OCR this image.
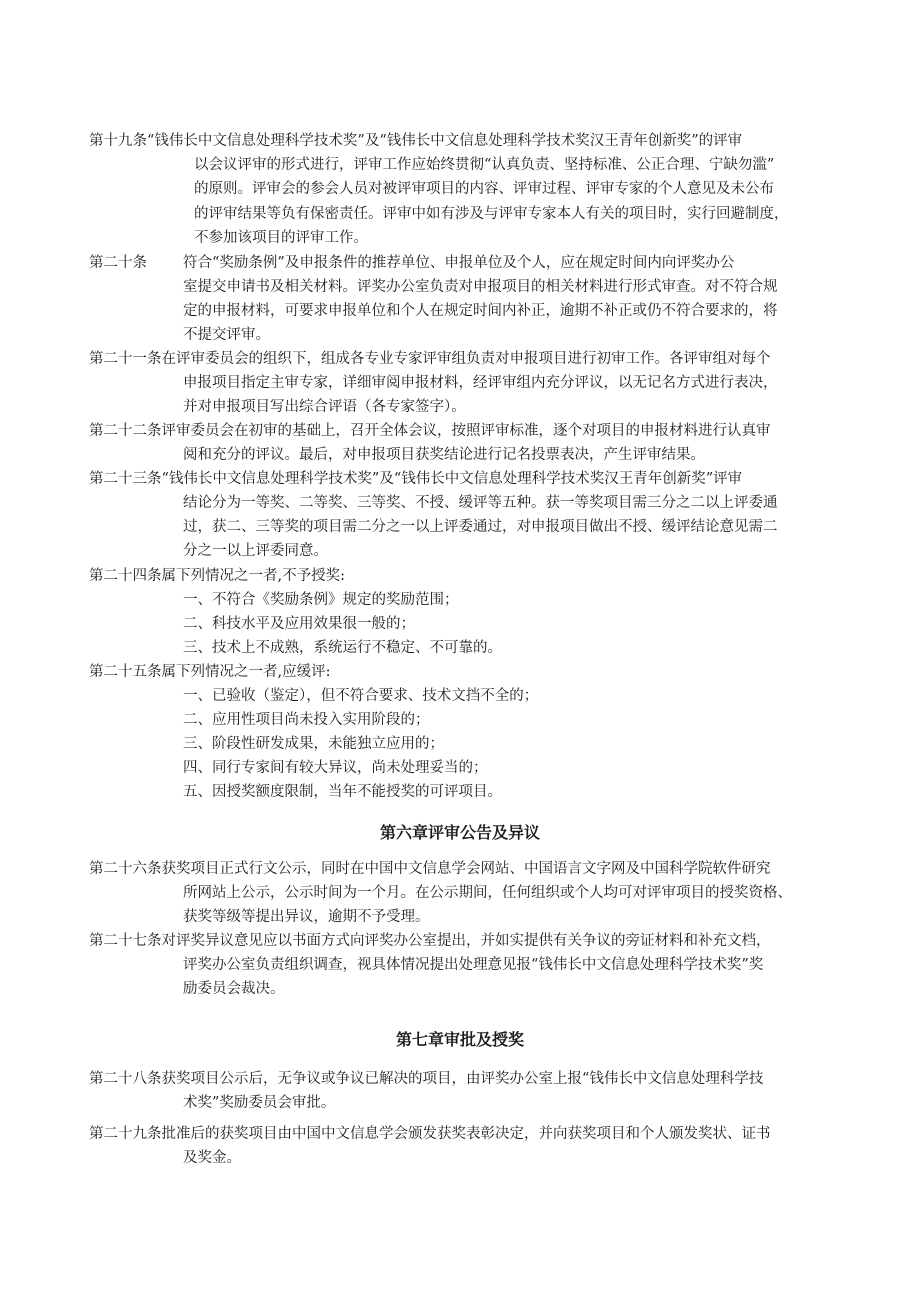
第十九条“钱伟长中文信息处理科学技术奖”及“钱伟长中文信息处理科学技术奖汉王青年创新奖”的评审
以会议评审的形式进行，评审工作应始终贯彻“认真负责、坚持标准、公正合理、宁缺勿滥”
的原则。评审会的参会人员对被评审项目的内容、评审过程、评审专家的个人意见及未公布
的评审结果等负有保密责任。评审中如有涉及与评审专家本人有关的项目时，实行回避制度，
不参加该项目的评审工作。
第二十条 符合“奖励条例”及申报条件的推荐单位、申报单位及个人，应在规定时间内向评奖办公
室提交申请书及相关材料。评奖办公室负责对申报项目的相关材料进行形式审查。对不符合规
定的申报材料，可要求申报单位和个人在规定时间内补正，逾期不补正或仍不符合要求的，将
不提交评审。
第二十一条在评审委员会的组织下，组成各专业专家评审组负责对申报项目进行初审工作。各评审组对每个
申报项目指定主审专家，详细审阅申报材料，经评审组内充分评议，以无记名方式进行表决，
并对申报项目写出综合评语（各专家签字）。
第二十二条评审委员会在初审的基础上，召开全体会议，按照评审标准，逐个对项目的申报材料进行认真审
阅和充分的评议。最后，对申报项目获奖结论进行记名投票表决，产生评审结果。
第二十三条“钱伟长中文信息处理科学技术奖”及“钱伟长中文信息处理科学技术奖汉王青年创新奖”评审
结论分为一等奖、二等奖、三等奖、不授、缓评等五种。获一等奖项目需三分之二以上评委通
过，获二、三等奖的项目需二分之一以上评委通过，对申报项目做出不授、缓评结论意见需二
分之一以上评委同意。
第二十四条属下列情况之一者,不予授奖:
一、不符合《奖励条例》规定的奖励范围；
二、科技水平及应用效果很一般的；
三、技术上不成熟，系统运行不稳定、不可靠的。
第二十五条属下列情况之一者,应缓评:
一、已验收（鉴定），但不符合要求、技术文挡不全的；
二、应用性项目尚未投入实用阶段的；
三、阶段性研发成果，未能独立应用的；
四、同行专家间有较大异议，尚未处理妥当的；
五、因授奖额度限制，当年不能授奖的可评项目。
第六章评审公告及异议
第二十六条获奖项目正式行文公示，同时在中国中文信息学会网站、中国语言文字网及中国科学院软件研究
所网站上公示，公示时间为一个月。在公示期间，任何组织或个人均可对评审项目的授奖资格、
获奖等级等提出异议，逾期不予受理。
第二十七条对评奖异议意见应以书面方式向评奖办公室提出，并如实提供有关争议的旁证材料和补充文档，
评奖办公室负责组织调查，视具体情况提出处理意见报“钱伟长中文信息处理科学技术奖”奖
励委员会裁决。
第七章审批及授奖
第二十八条获奖项目公示后，无争议或争议已解决的项目，由评奖办公室上报“钱伟长中文信息处理科学技
术奖”奖励委员会审批。
第二十九条批准后的获奖项目由中国中文信息学会颁发获奖表彰决定，并向获奖项目和个人颁发奖状、证书
及奖金。
